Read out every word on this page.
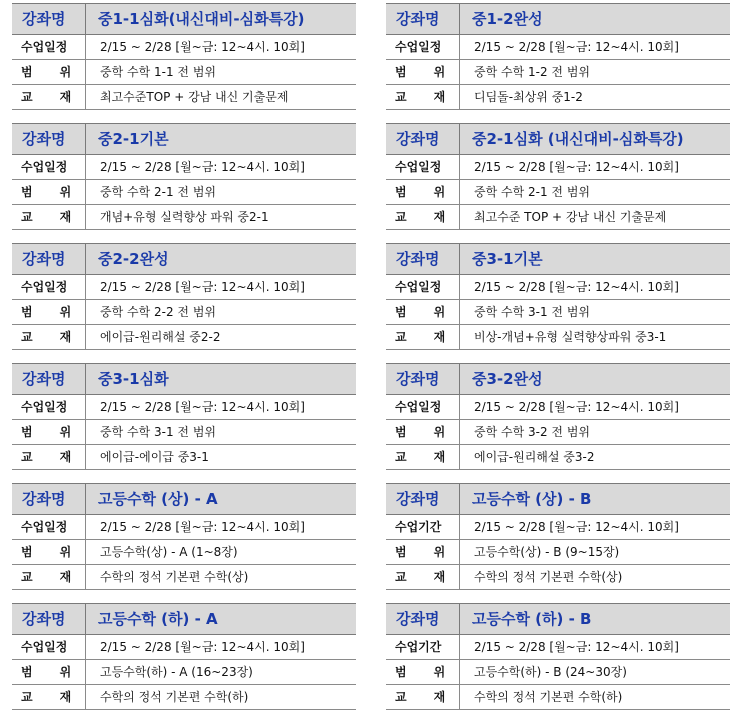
강좌명	중1-1심화(내신대비-심화특강)
수업일정	2/15 ~ 2/28 [월~금: 12~4시. 10회]
범위 중학 수학 1-1 전 범위
교재 최고수준TOP + 강남 내신 기출문제
강좌명	중1-2완성
수업일정	2/15 ~ 2/28 [월~금: 12~4시. 10회]
범위 중학 수학 1-2 전 범위
교재 디딤돌-최상위 중1-2
강좌명	중2-1기본
수업일정	2/15 ~ 2/28 [월~금: 12~4시. 10회]
범위 중학 수학 2-1 전 범위
교재 개념+유형 실력향상 파워 중2-1
강좌명	중2-1심화 (내신대비-심화특강)
수업일정	2/15 ~ 2/28 [월~금: 12~4시. 10회]
범위 중학 수학 2-1 전 범위
교재 최고수준 TOP + 강남 내신 기출문제
강좌명	중2-2완성
수업일정	2/15 ~ 2/28 [월~금: 12~4시. 10회]
범위 중학 수학 2-2 전 범위
교재 에이급-원리해설 중2-2
강좌명	중3-1기본
수업일정	2/15 ~ 2/28 [월~금: 12~4시. 10회]
범위 중학 수학 3-1 전 범위
교재 비상-개념+유형 실력향상파워 중3-1
강좌명	중3-1심화
수업일정	2/15 ~ 2/28 [월~금: 12~4시. 10회]
범위 중학 수학 3-1 전 범위
교재 에이급-에이급 중3-1
강좌명	중3-2완성
수업일정	2/15 ~ 2/28 [월~금: 12~4시. 10회]
범위 중학 수학 3-2 전 범위
교재 에이급-원리해설 중3-2
강좌명	고등수학 (상) - A
수업일정	2/15 ~ 2/28 [월~금: 12~4시. 10회]
범위 고등수학(상) - A (1~8장)
교재 수학의 정석 기본편 수학(상)
강좌명	고등수학 (상) - B
수업기간	2/15 ~ 2/28 [월~금: 12~4시. 10회]
범위 고등수학(상) - B (9~15장)
교재 수학의 정석 기본편 수학(상)
강좌명	고등수학 (하) - A
수업일정	2/15 ~ 2/28 [월~금: 12~4시. 10회]
범위 고등수학(하) - A (16~23장)
교재 수학의 정석 기본편 수학(하)
강좌명	고등수학 (하) - B
수업기간	2/15 ~ 2/28 [월~금: 12~4시. 10회]
범위 고등수학(하) - B (24~30장)
교재 수학의 정석 기본편 수학(하)
